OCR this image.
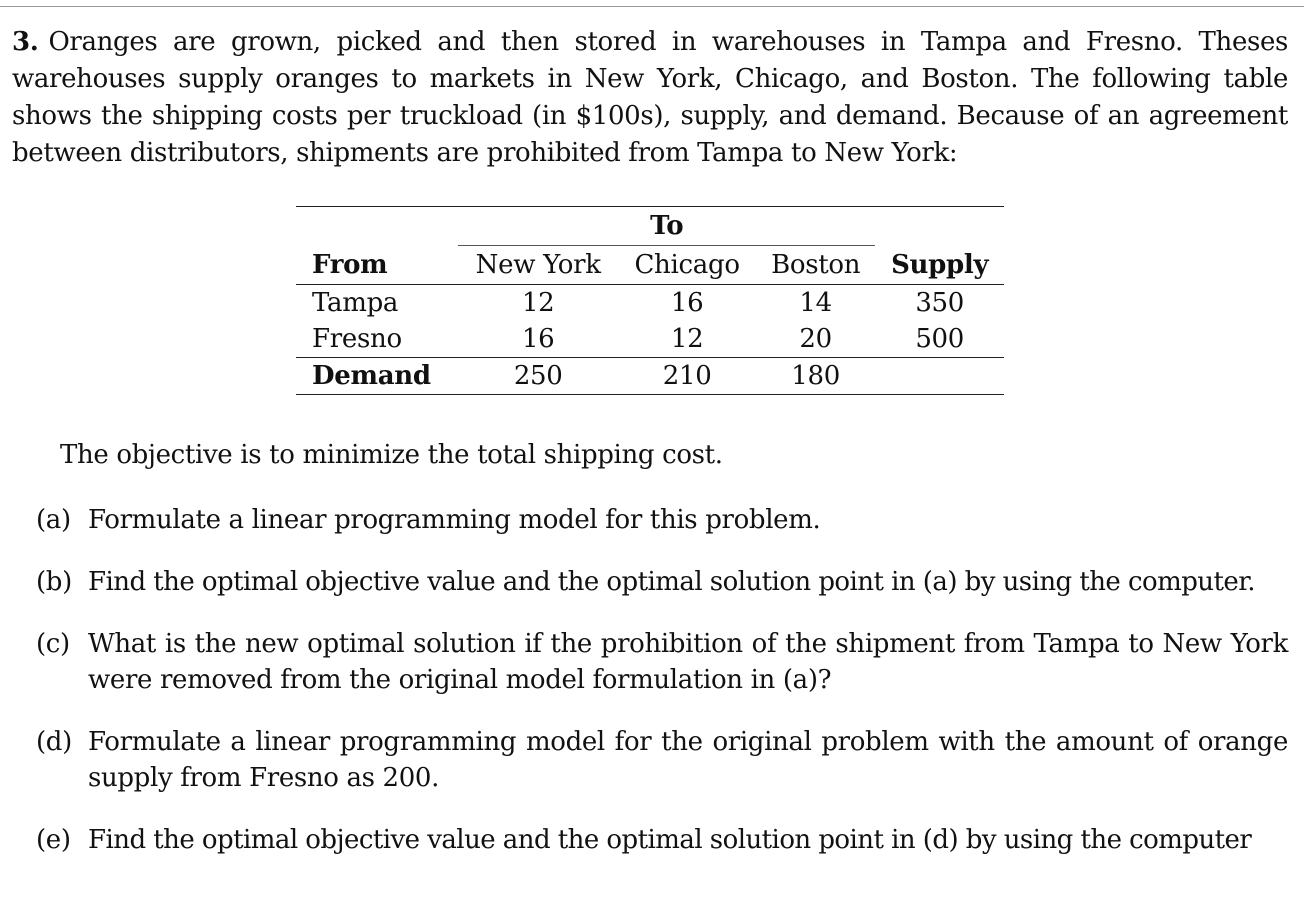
3. Oranges are grown, picked and then stored in warehouses in Tampa and Fresno. Theses warehouses supply oranges to markets in New York, Chicago, and Boston. The following table shows the shipping costs per truckload (in $100s), supply, and demand. Because of an agreement between distributors, shipments are prohibited from Tampa to New York:
	To			
From	New York	Chicago	Boston	Supply
Tampa	12	16	14	350
Fresno	16	12	20	500
Demand	250	210	180	
The objective is to minimize the total shipping cost.
(a) Formulate a linear programming model for this problem.
(b) Find the optimal objective value and the optimal solution point in (a) by using the computer.
(c) What is the new optimal solution if the prohibition of the shipment from Tampa to New York were removed from the original model formulation in (a)?
(d) Formulate a linear programming model for the original problem with the amount of orange supply from Fresno as 200.
(e) Find the optimal objective value and the optimal solution point in (d) by using the computer
